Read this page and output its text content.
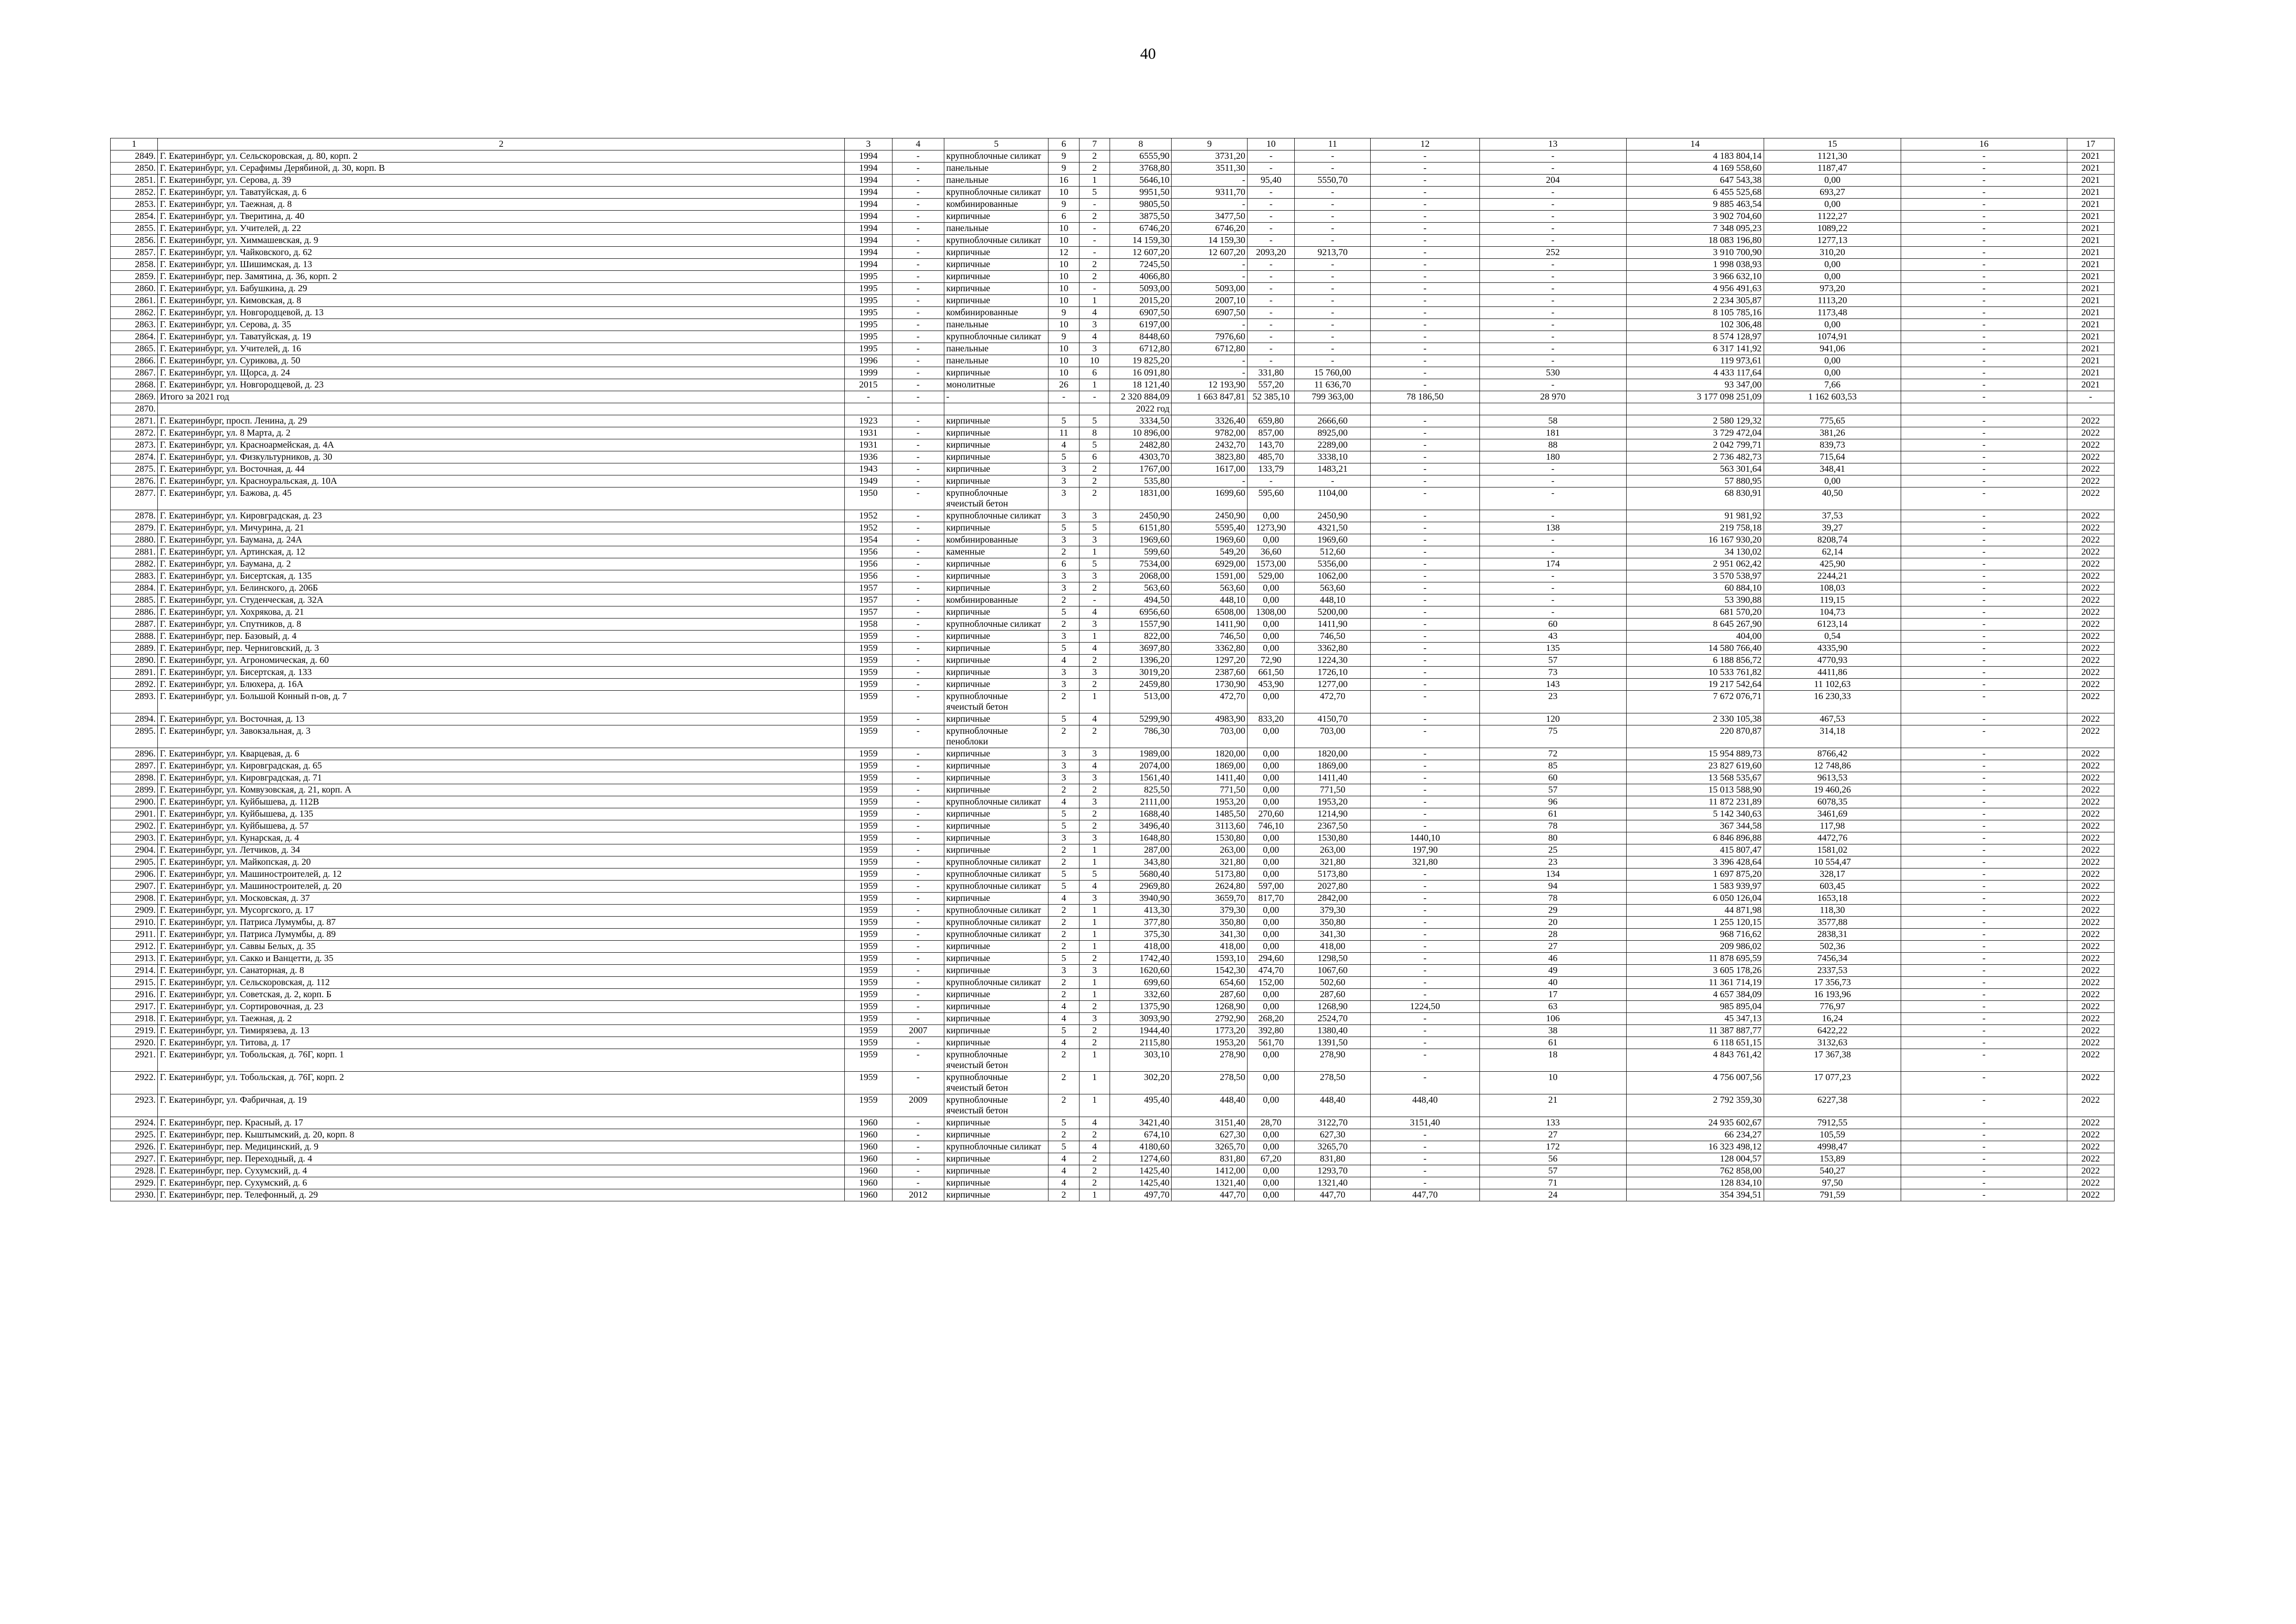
40
1	2	3	4	5	6	7	8	9	10	11	12	13	14	15	16	17
2849.	Г. Екатеринбург, ул. Сельскоровская, д. 80, корп. 2	1994	-	крупноблочные силикат	9	2	6555,90	3731,20	-	-	-	-	4 183 804,14	1121,30	-	2021
2850.	Г. Екатеринбург, ул. Серафимы Дерябиной, д. 30, корп. В	1994	-	панельные	9	2	3768,80	3511,30	-	-	-	-	4 169 558,60	1187,47	-	2021
2851.	Г. Екатеринбург, ул. Серова, д. 39	1994	-	панельные	16	1	5646,10	-	95,40	5550,70	-	204	647 543,38	0,00	-	2021
2852.	Г. Екатеринбург, ул. Таватуйская, д. 6	1994	-	крупноблочные силикат	10	5	9951,50	9311,70	-	-	-	-	6 455 525,68	693,27	-	2021
2853.	Г. Екатеринбург, ул. Таежная, д. 8	1994	-	комбинированные	9	-	9805,50	-	-	-	-	-	9 885 463,54	0,00	-	2021
2854.	Г. Екатеринбург, ул. Тверитина, д. 40	1994	-	кирпичные	6	2	3875,50	3477,50	-	-	-	-	3 902 704,60	1122,27	-	2021
2855.	Г. Екатеринбург, ул. Учителей, д. 22	1994	-	панельные	10	-	6746,20	6746,20	-	-	-	-	7 348 095,23	1089,22	-	2021
2856.	Г. Екатеринбург, ул. Химмашевская, д. 9	1994	-	крупноблочные силикат	10	-	14 159,30	14 159,30	-	-	-	-	18 083 196,80	1277,13	-	2021
2857.	Г. Екатеринбург, ул. Чайковского, д. 62	1994	-	кирпичные	12	-	12 607,20	12 607,20	2093,20	9213,70	-	252	3 910 700,90	310,20	-	2021
2858.	Г. Екатеринбург, ул. Шишимская, д. 13	1994	-	кирпичные	10	2	7245,50	-	-	-	-	-	1 998 038,93	0,00	-	2021
2859.	Г. Екатеринбург, пер. Замятина, д. 36, корп. 2	1995	-	кирпичные	10	2	4066,80	-	-	-	-	-	3 966 632,10	0,00	-	2021
2860.	Г. Екатеринбург, ул. Бабушкина, д. 29	1995	-	кирпичные	10	-	5093,00	5093,00	-	-	-	-	4 956 491,63	973,20	-	2021
2861.	Г. Екатеринбург, ул. Кимовская, д. 8	1995	-	кирпичные	10	1	2015,20	2007,10	-	-	-	-	2 234 305,87	1113,20	-	2021
2862.	Г. Екатеринбург, ул. Новгородцевой, д. 13	1995	-	комбинированные	9	4	6907,50	6907,50	-	-	-	-	8 105 785,16	1173,48	-	2021
2863.	Г. Екатеринбург, ул. Серова, д. 35	1995	-	панельные	10	3	6197,00	-	-	-	-	-	102 306,48	0,00	-	2021
2864.	Г. Екатеринбург, ул. Таватуйская, д. 19	1995	-	крупноблочные силикат	9	4	8448,60	7976,60	-	-	-	-	8 574 128,97	1074,91	-	2021
2865.	Г. Екатеринбург, ул. Учителей, д. 16	1995	-	панельные	10	3	6712,80	6712,80	-	-	-	-	6 317 141,92	941,06	-	2021
2866.	Г. Екатеринбург, ул. Сурикова, д. 50	1996	-	панельные	10	10	19 825,20	-	-	-	-	-	119 973,61	0,00	-	2021
2867.	Г. Екатеринбург, ул. Щорса, д. 24	1999	-	кирпичные	10	6	16 091,80	-	331,80	15 760,00	-	530	4 433 117,64	0,00	-	2021
2868.	Г. Екатеринбург, ул. Новгородцевой, д. 23	2015	-	монолитные	26	1	18 121,40	12 193,90	557,20	11 636,70	-	-	93 347,00	7,66	-	2021
2869.	Итого за 2021 год	-	-	-	-	-	2 320 884,09	1 663 847,81	52 385,10	799 363,00	78 186,50	28 970	3 177 098 251,09	1 162 603,53	-	-
2870.							2022 год									
2871.	Г. Екатеринбург, просп. Ленина, д. 29	1923	-	кирпичные	5	5	3334,50	3326,40	659,80	2666,60	-	58	2 580 129,32	775,65	-	2022
2872.	Г. Екатеринбург, ул. 8 Марта, д. 2	1931	-	кирпичные	11	8	10 896,00	9782,00	857,00	8925,00	-	181	3 729 472,04	381,26	-	2022
2873.	Г. Екатеринбург, ул. Красноармейская, д. 4А	1931	-	кирпичные	4	5	2482,80	2432,70	143,70	2289,00	-	88	2 042 799,71	839,73	-	2022
2874.	Г. Екатеринбург, ул. Физкультурников, д. 30	1936	-	кирпичные	5	6	4303,70	3823,80	485,70	3338,10	-	180	2 736 482,73	715,64	-	2022
2875.	Г. Екатеринбург, ул. Восточная, д. 44	1943	-	кирпичные	3	2	1767,00	1617,00	133,79	1483,21	-	-	563 301,64	348,41	-	2022
2876.	Г. Екатеринбург, ул. Красноуральская, д. 10А	1949	-	кирпичные	3	2	535,80	-	-	-	-	-	57 880,95	0,00	-	2022
2877.	Г. Екатеринбург, ул. Бажова, д. 45	1950	-	крупноблочные ячеистый бетон	3	2	1831,00	1699,60	595,60	1104,00	-	-	68 830,91	40,50	-	2022
2878.	Г. Екатеринбург, ул. Кировградская, д. 23	1952	-	крупноблочные силикат	3	3	2450,90	2450,90	0,00	2450,90	-	-	91 981,92	37,53	-	2022
2879.	Г. Екатеринбург, ул. Мичурина, д. 21	1952	-	кирпичные	5	5	6151,80	5595,40	1273,90	4321,50	-	138	219 758,18	39,27	-	2022
2880.	Г. Екатеринбург, ул. Баумана, д. 24А	1954	-	комбинированные	3	3	1969,60	1969,60	0,00	1969,60	-	-	16 167 930,20	8208,74	-	2022
2881.	Г. Екатеринбург, ул. Артинская, д. 12	1956	-	каменные	2	1	599,60	549,20	36,60	512,60	-	-	34 130,02	62,14	-	2022
2882.	Г. Екатеринбург, ул. Баумана, д. 2	1956	-	кирпичные	6	5	7534,00	6929,00	1573,00	5356,00	-	174	2 951 062,42	425,90	-	2022
2883.	Г. Екатеринбург, ул. Бисертская, д. 135	1956	-	кирпичные	3	3	2068,00	1591,00	529,00	1062,00	-	-	3 570 538,97	2244,21	-	2022
2884.	Г. Екатеринбург, ул. Белинского, д. 206Б	1957	-	кирпичные	3	2	563,60	563,60	0,00	563,60	-	-	60 884,10	108,03	-	2022
2885.	Г. Екатеринбург, ул. Студенческая, д. 32А	1957	-	комбинированные	2	-	494,50	448,10	0,00	448,10	-	-	53 390,88	119,15	-	2022
2886.	Г. Екатеринбург, ул. Хохрякова, д. 21	1957	-	кирпичные	5	4	6956,60	6508,00	1308,00	5200,00	-	-	681 570,20	104,73	-	2022
2887.	Г. Екатеринбург, ул. Спутников, д. 8	1958	-	крупноблочные силикат	2	3	1557,90	1411,90	0,00	1411,90	-	60	8 645 267,90	6123,14	-	2022
2888.	Г. Екатеринбург, пер. Базовый, д. 4	1959	-	кирпичные	3	1	822,00	746,50	0,00	746,50	-	43	404,00	0,54	-	2022
2889.	Г. Екатеринбург, пер. Черниговский, д. 3	1959	-	кирпичные	5	4	3697,80	3362,80	0,00	3362,80	-	135	14 580 766,40	4335,90	-	2022
2890.	Г. Екатеринбург, ул. Агрономическая, д. 60	1959	-	кирпичные	4	2	1396,20	1297,20	72,90	1224,30	-	57	6 188 856,72	4770,93	-	2022
2891.	Г. Екатеринбург, ул. Бисертская, д. 133	1959	-	кирпичные	3	3	3019,20	2387,60	661,50	1726,10	-	73	10 533 761,82	4411,86	-	2022
2892.	Г. Екатеринбург, ул. Блюхера, д. 16А	1959	-	кирпичные	3	2	2459,80	1730,90	453,90	1277,00	-	143	19 217 542,64	11 102,63	-	2022
2893.	Г. Екатеринбург, ул. Большой Конный п-ов, д. 7	1959	-	крупноблочные ячеистый бетон	2	1	513,00	472,70	0,00	472,70	-	23	7 672 076,71	16 230,33	-	2022
2894.	Г. Екатеринбург, ул. Восточная, д. 13	1959	-	кирпичные	5	4	5299,90	4983,90	833,20	4150,70	-	120	2 330 105,38	467,53	-	2022
2895.	Г. Екатеринбург, ул. Завокзальная, д. 3	1959	-	крупноблочные пеноблоки	2	2	786,30	703,00	0,00	703,00	-	75	220 870,87	314,18	-	2022
2896.	Г. Екатеринбург, ул. Кварцевая, д. 6	1959	-	кирпичные	3	3	1989,00	1820,00	0,00	1820,00	-	72	15 954 889,73	8766,42	-	2022
2897.	Г. Екатеринбург, ул. Кировградская, д. 65	1959	-	кирпичные	3	4	2074,00	1869,00	0,00	1869,00	-	85	23 827 619,60	12 748,86	-	2022
2898.	Г. Екатеринбург, ул. Кировградская, д. 71	1959	-	кирпичные	3	3	1561,40	1411,40	0,00	1411,40	-	60	13 568 535,67	9613,53	-	2022
2899.	Г. Екатеринбург, ул. Комвузовская, д. 21, корп. А	1959	-	кирпичные	2	2	825,50	771,50	0,00	771,50	-	57	15 013 588,90	19 460,26	-	2022
2900.	Г. Екатеринбург, ул. Куйбышева, д. 112В	1959	-	крупноблочные силикат	4	3	2111,00	1953,20	0,00	1953,20	-	96	11 872 231,89	6078,35	-	2022
2901.	Г. Екатеринбург, ул. Куйбышева, д. 135	1959	-	кирпичные	5	2	1688,40	1485,50	270,60	1214,90	-	61	5 142 340,63	3461,69	-	2022
2902.	Г. Екатеринбург, ул. Куйбышева, д. 57	1959	-	кирпичные	5	2	3496,40	3113,60	746,10	2367,50	-	78	367 344,58	117,98	-	2022
2903.	Г. Екатеринбург, ул. Кунарская, д. 4	1959	-	кирпичные	3	3	1648,80	1530,80	0,00	1530,80	1440,10	80	6 846 896,88	4472,76	-	2022
2904.	Г. Екатеринбург, ул. Летчиков, д. 34	1959	-	кирпичные	2	1	287,00	263,00	0,00	263,00	197,90	25	415 807,47	1581,02	-	2022
2905.	Г. Екатеринбург, ул. Майкопская, д. 20	1959	-	крупноблочные силикат	2	1	343,80	321,80	0,00	321,80	321,80	23	3 396 428,64	10 554,47	-	2022
2906.	Г. Екатеринбург, ул. Машиностроителей, д. 12	1959	-	крупноблочные силикат	5	5	5680,40	5173,80	0,00	5173,80	-	134	1 697 875,20	328,17	-	2022
2907.	Г. Екатеринбург, ул. Машиностроителей, д. 20	1959	-	крупноблочные силикат	5	4	2969,80	2624,80	597,00	2027,80	-	94	1 583 939,97	603,45	-	2022
2908.	Г. Екатеринбург, ул. Московская, д. 37	1959	-	кирпичные	4	3	3940,90	3659,70	817,70	2842,00	-	78	6 050 126,04	1653,18	-	2022
2909.	Г. Екатеринбург, ул. Мусоргского, д. 17	1959	-	крупноблочные силикат	2	1	413,30	379,30	0,00	379,30	-	29	44 871,98	118,30	-	2022
2910.	Г. Екатеринбург, ул. Патриса Лумумбы, д. 87	1959	-	крупноблочные силикат	2	1	377,80	350,80	0,00	350,80	-	20	1 255 120,15	3577,88	-	2022
2911.	Г. Екатеринбург, ул. Патриса Лумумбы, д. 89	1959	-	крупноблочные силикат	2	1	375,30	341,30	0,00	341,30	-	28	968 716,62	2838,31	-	2022
2912.	Г. Екатеринбург, ул. Саввы Белых, д. 35	1959	-	кирпичные	2	1	418,00	418,00	0,00	418,00	-	27	209 986,02	502,36	-	2022
2913.	Г. Екатеринбург, ул. Сакко и Ванцетти, д. 35	1959	-	кирпичные	5	2	1742,40	1593,10	294,60	1298,50	-	46	11 878 695,59	7456,34	-	2022
2914.	Г. Екатеринбург, ул. Санаторная, д. 8	1959	-	кирпичные	3	3	1620,60	1542,30	474,70	1067,60	-	49	3 605 178,26	2337,53	-	2022
2915.	Г. Екатеринбург, ул. Сельскоровская, д. 112	1959	-	крупноблочные силикат	2	1	699,60	654,60	152,00	502,60	-	40	11 361 714,19	17 356,73	-	2022
2916.	Г. Екатеринбург, ул. Советская, д. 2, корп. Б	1959	-	кирпичные	2	1	332,60	287,60	0,00	287,60	-	17	4 657 384,09	16 193,96	-	2022
2917.	Г. Екатеринбург, ул. Сортировочная, д. 23	1959	-	кирпичные	4	2	1375,90	1268,90	0,00	1268,90	1224,50	63	985 895,04	776,97	-	2022
2918.	Г. Екатеринбург, ул. Таежная, д. 2	1959	-	кирпичные	4	3	3093,90	2792,90	268,20	2524,70	-	106	45 347,13	16,24	-	2022
2919.	Г. Екатеринбург, ул. Тимирязева, д. 13	1959	2007	кирпичные	5	2	1944,40	1773,20	392,80	1380,40	-	38	11 387 887,77	6422,22	-	2022
2920.	Г. Екатеринбург, ул. Титова, д. 17	1959	-	кирпичные	4	2	2115,80	1953,20	561,70	1391,50	-	61	6 118 651,15	3132,63	-	2022
2921.	Г. Екатеринбург, ул. Тобольская, д. 76Г, корп. 1	1959	-	крупноблочные ячеистый бетон	2	1	303,10	278,90	0,00	278,90	-	18	4 843 761,42	17 367,38	-	2022
2922.	Г. Екатеринбург, ул. Тобольская, д. 76Г, корп. 2	1959	-	крупноблочные ячеистый бетон	2	1	302,20	278,50	0,00	278,50	-	10	4 756 007,56	17 077,23	-	2022
2923.	Г. Екатеринбург, ул. Фабричная, д. 19	1959	2009	крупноблочные ячеистый бетон	2	1	495,40	448,40	0,00	448,40	448,40	21	2 792 359,30	6227,38	-	2022
2924.	Г. Екатеринбург, пер. Красный, д. 17	1960	-	кирпичные	5	4	3421,40	3151,40	28,70	3122,70	3151,40	133	24 935 602,67	7912,55	-	2022
2925.	Г. Екатеринбург, пер. Кыштымский, д. 20, корп. 8	1960	-	кирпичные	2	2	674,10	627,30	0,00	627,30	-	27	66 234,27	105,59	-	2022
2926.	Г. Екатеринбург, пер. Медицинский, д. 9	1960	-	крупноблочные силикат	5	4	4180,60	3265,70	0,00	3265,70	-	172	16 323 498,12	4998,47	-	2022
2927.	Г. Екатеринбург, пер. Переходный, д. 4	1960	-	кирпичные	4	2	1274,60	831,80	67,20	831,80	-	56	128 004,57	153,89	-	2022
2928.	Г. Екатеринбург, пер. Сухумский, д. 4	1960	-	кирпичные	4	2	1425,40	1412,00	0,00	1293,70	-	57	762 858,00	540,27	-	2022
2929.	Г. Екатеринбург, пер. Сухумский, д. 6	1960	-	кирпичные	4	2	1425,40	1321,40	0,00	1321,40	-	71	128 834,10	97,50	-	2022
2930.	Г. Екатеринбург, пер. Телефонный, д. 29	1960	2012	кирпичные	2	1	497,70	447,70	0,00	447,70	447,70	24	354 394,51	791,59	-	2022
